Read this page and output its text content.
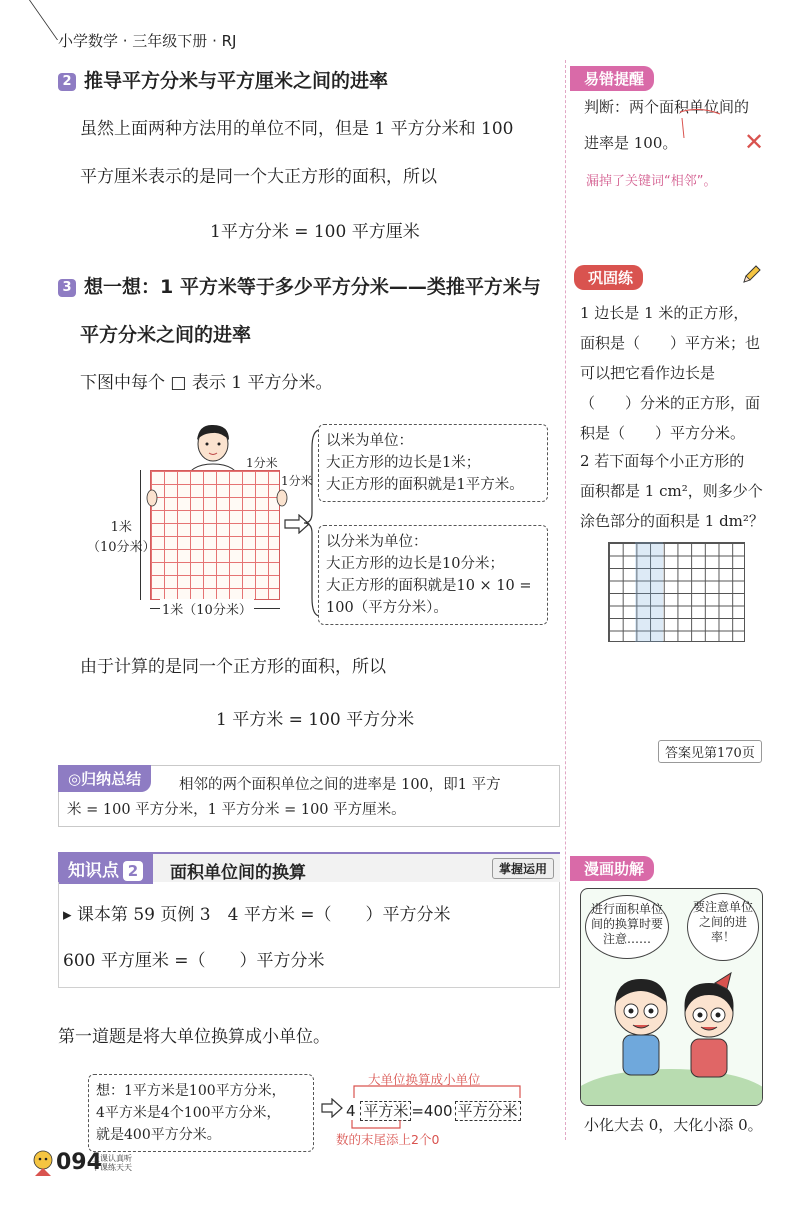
小学数学 · 三年级下册 · RJ
2 推导平方分米与平方厘米之间的进率
虽然上面两种方法用的单位不同，但是 1 平方分米和 100
平方厘米表示的是同一个大正方形的面积，所以
1平方分米 = 100 平方厘米
3 想一想：1 平方米等于多少平方分米——类推平方米与
平方分米之间的进率
下图中每个 □ 表示 1 平方分米。
1米
（10分米）
1米（10分米）
1分米
1分米
以米为单位：
大正方形的边长是1米；
大正方形的面积就是1平方米。
以分米为单位：
大正方形的边长是10分米；
大正方形的面积就是10 × 10 =
100（平方分米）。
由于计算的是同一个正方形的面积，所以
1 平方米 = 100 平方分米
◎归纳总结	相邻的两个面积单位之间的进率是 100，即1 平方
米 = 100 平方分米，1 平方分米 = 100 平方厘米。
知识点 2	面积单位间的换算	掌握运用
▸ 课本第 59 页例 3　4 平方米 =（　　）平方分米
600 平方厘米 =（　　）平方分米
第一道题是将大单位换算成小单位。
想：1平方米是100平方分米，
4平方米是4个100平方分米，
就是400平方分米。
大单位换算成小单位
4 平方米 =400 平方分米
数的末尾添上2个0
094
上课认真听
下课练天天
易错提醒
判断：两个面积单位间的
进率是 100。	✕
漏掉了关键词“相邻”。
巩固练
1 边长是 1 米的正方形，
面积是（　　）平方米；也
可以把它看作边长是
（　　）分米的正方形，面
积是（　　）平方分米。
2 若下面每个小正方形的
面积都是 1 cm²，则多少个
涂色部分的面积是 1 dm²？
答案见第170页
漫画助解
进行面积单位间的换算时要注意……
要注意单位之间的进率！
小化大去 0，大化小添 0。
